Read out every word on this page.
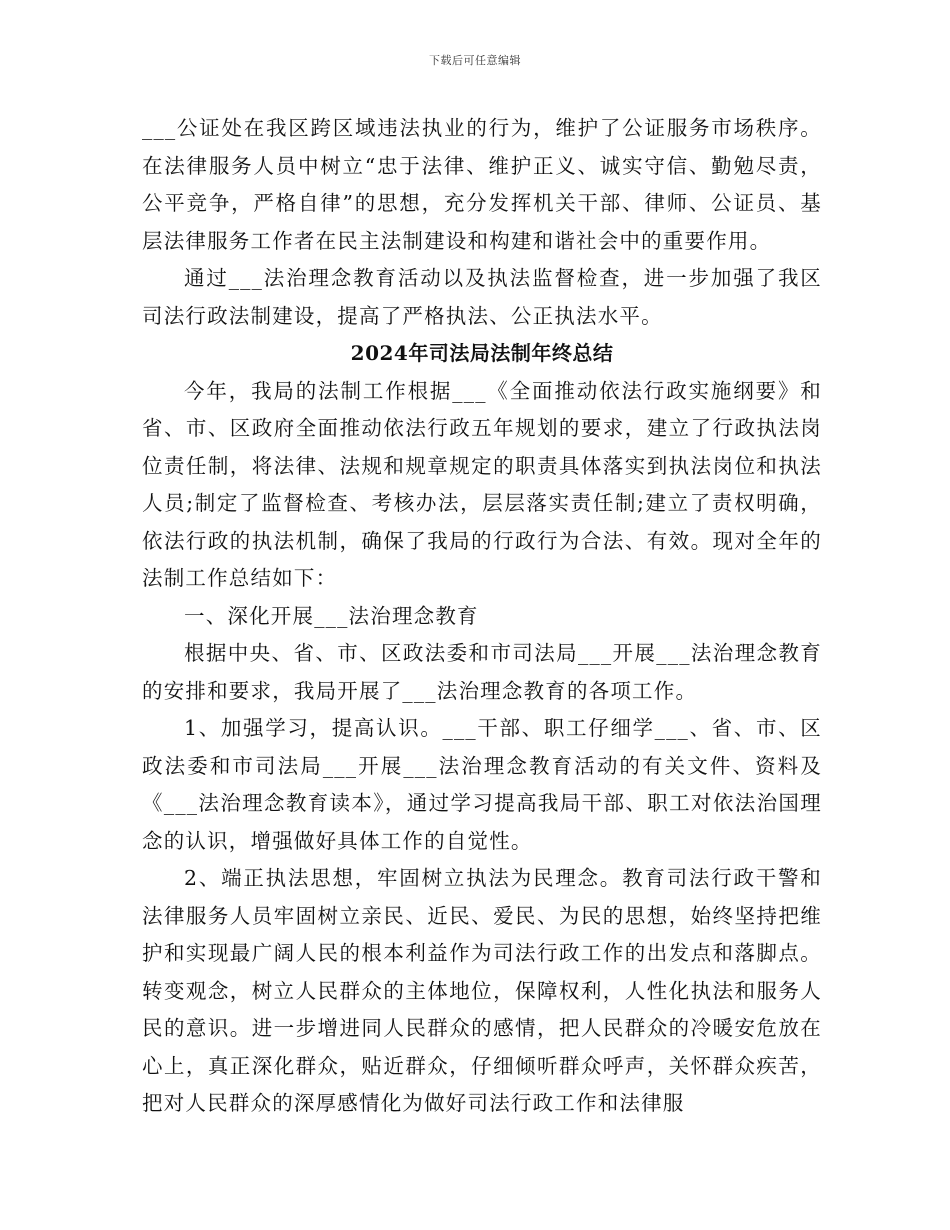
下载后可任意编辑

___公证处在我区跨区域违法执业的行为，维护了公证服务市场秩序。在法律服务人员中树立“忠于法律、维护正义、诚实守信、勤勉尽责，公平竞争，严格自律”的思想，充分发挥机关干部、律师、公证员、基层法律服务工作者在民主法制建设和构建和谐社会中的重要作用。

通过___法治理念教育活动以及执法监督检查，进一步加强了我区司法行政法制建设，提高了严格执法、公正执法水平。

2024年司法局法制年终总结

今年，我局的法制工作根据___《全面推动依法行政实施纲要》和省、市、区政府全面推动依法行政五年规划的要求，建立了行政执法岗位责任制，将法律、法规和规章规定的职责具体落实到执法岗位和执法人员;制定了监督检查、考核办法，层层落实责任制;建立了责权明确，依法行政的执法机制，确保了我局的行政行为合法、有效。现对全年的法制工作总结如下：

一、深化开展___法治理念教育

根据中央、省、市、区政法委和市司法局___开展___法治理念教育的安排和要求，我局开展了___法治理念教育的各项工作。

1、加强学习，提高认识。___干部、职工仔细学___、省、市、区政法委和市司法局___开展___法治理念教育活动的有关文件、资料及《___法治理念教育读本》，通过学习提高我局干部、职工对依法治国理念的认识，增强做好具体工作的自觉性。

2、端正执法思想，牢固树立执法为民理念。教育司法行政干警和法律服务人员牢固树立亲民、近民、爱民、为民的思想，始终坚持把维护和实现最广阔人民的根本利益作为司法行政工作的出发点和落脚点。转变观念，树立人民群众的主体地位，保障权利，人性化执法和服务人民的意识。进一步增进同人民群众的感情，把人民群众的冷暖安危放在心上，真正深化群众，贴近群众，仔细倾听群众呼声，关怀群众疾苦，把对人民群众的深厚感情化为做好司法行政工作和法律服
